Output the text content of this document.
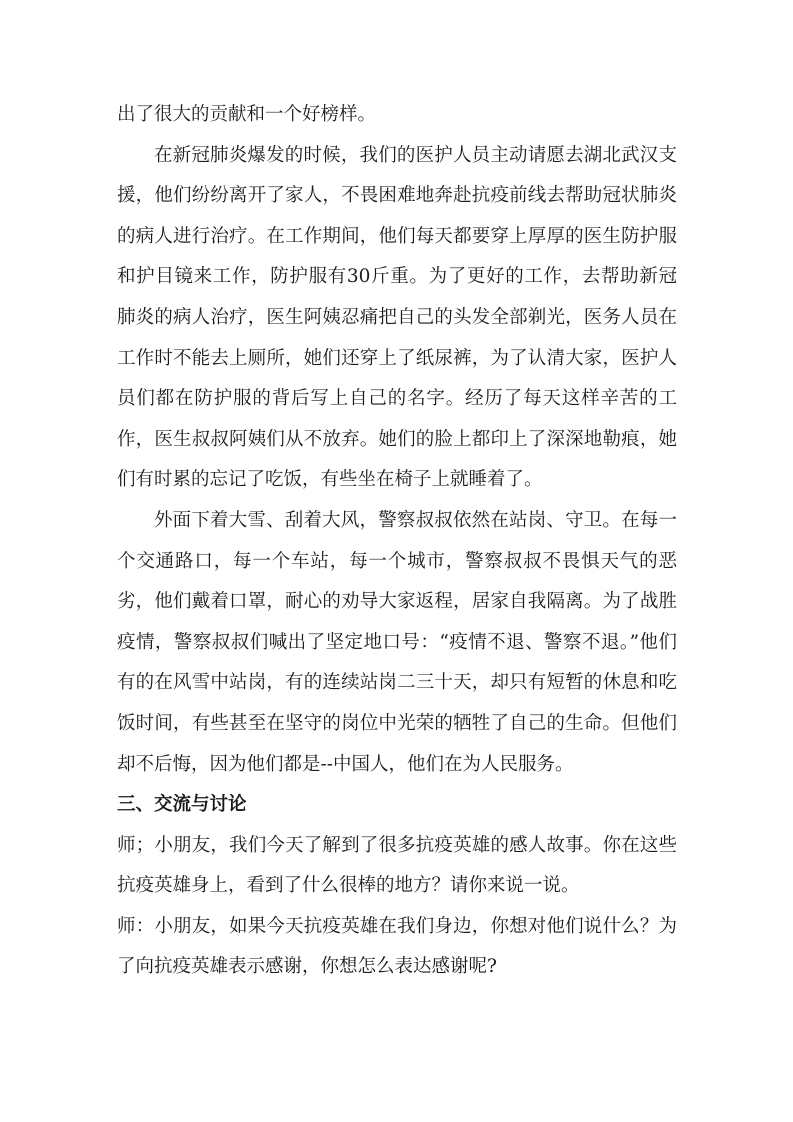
出了很大的贡献和一个好榜样。

在新冠肺炎爆发的时候，我们的医护人员主动请愿去湖北武汉支援，他们纷纷离开了家人，不畏困难地奔赴抗疫前线去帮助冠状肺炎的病人进行治疗。在工作期间，他们每天都要穿上厚厚的医生防护服和护目镜来工作，防护服有30斤重。为了更好的工作，去帮助新冠肺炎的病人治疗，医生阿姨忍痛把自己的头发全部剃光，医务人员在工作时不能去上厕所，她们还穿上了纸尿裤，为了认清大家，医护人员们都在防护服的背后写上自己的名字。经历了每天这样辛苦的工作，医生叔叔阿姨们从不放弃。她们的脸上都印上了深深地勒痕，她们有时累的忘记了吃饭，有些坐在椅子上就睡着了。

外面下着大雪、刮着大风，警察叔叔依然在站岗、守卫。在每一个交通路口，每一个车站，每一个城市，警察叔叔不畏惧天气的恶劣，他们戴着口罩，耐心的劝导大家返程，居家自我隔离。为了战胜疫情，警察叔叔们喊出了坚定地口号：“疫情不退、警察不退。”他们有的在风雪中站岗，有的连续站岗二三十天，却只有短暂的休息和吃饭时间，有些甚至在坚守的岗位中光荣的牺牲了自己的生命。但他们却不后悔，因为他们都是--中国人，他们在为人民服务。

三、交流与讨论

师；小朋友，我们今天了解到了很多抗疫英雄的感人故事。你在这些抗疫英雄身上，看到了什么很棒的地方？请你来说一说。

师：小朋友，如果今天抗疫英雄在我们身边，你想对他们说什么？为了向抗疫英雄表示感谢，你想怎么表达感谢呢?
